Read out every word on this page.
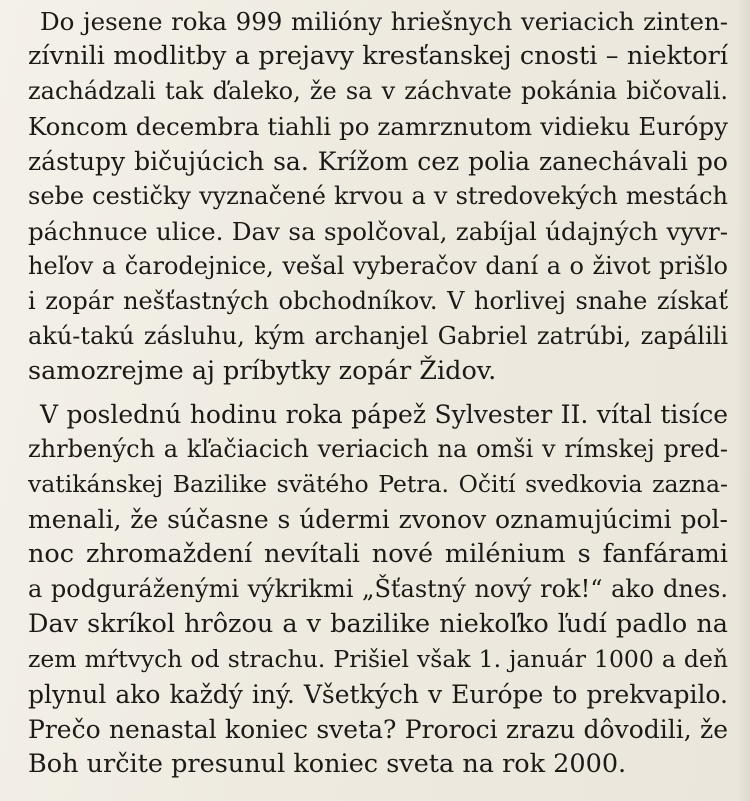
Do jesene roka 999 milióny hriešnych veriacich zinten-
zívnili modlitby a prejavy kresťanskej cnosti – niektorí
zachádzali tak ďaleko, že sa v záchvate pokánia bičovali.
Koncom decembra tiahli po zamrznutom vidieku Európy
zástupy bičujúcich sa. Krížom cez polia zanechávali po
sebe cestičky vyznačené krvou a v stredovekých mestách
páchnuce ulice. Dav sa spolčoval, zabíjal údajných vyvr-
heľov a čarodejnice, vešal vyberačov daní a o život prišlo
i zopár nešťastných obchodníkov. V horlivej snahe získať
akú-takú zásluhu, kým archanjel Gabriel zatrúbi, zapálili
samozrejme aj príbytky zopár Židov.
V poslednú hodinu roka pápež Sylvester II. vítal tisíce
zhrbených a kľačiacich veriacich na omši v rímskej pred-
vatikánskej Bazilike svätého Petra. Očití svedkovia zazna-
menali, že súčasne s údermi zvonov oznamujúcimi pol-
noc zhromaždení nevítali nové milénium s fanfárami
a podguráženými výkrikmi „Šťastný nový rok!“ ako dnes.
Dav skríkol hrôzou a v bazilike niekoľko ľudí padlo na
zem mŕtvych od strachu. Prišiel však 1. január 1000 a deň
plynul ako každý iný. Všetkých v Európe to prekvapilo.
Prečo nenastal koniec sveta? Proroci zrazu dôvodili, že
Boh určite presunul koniec sveta na rok 2000.
